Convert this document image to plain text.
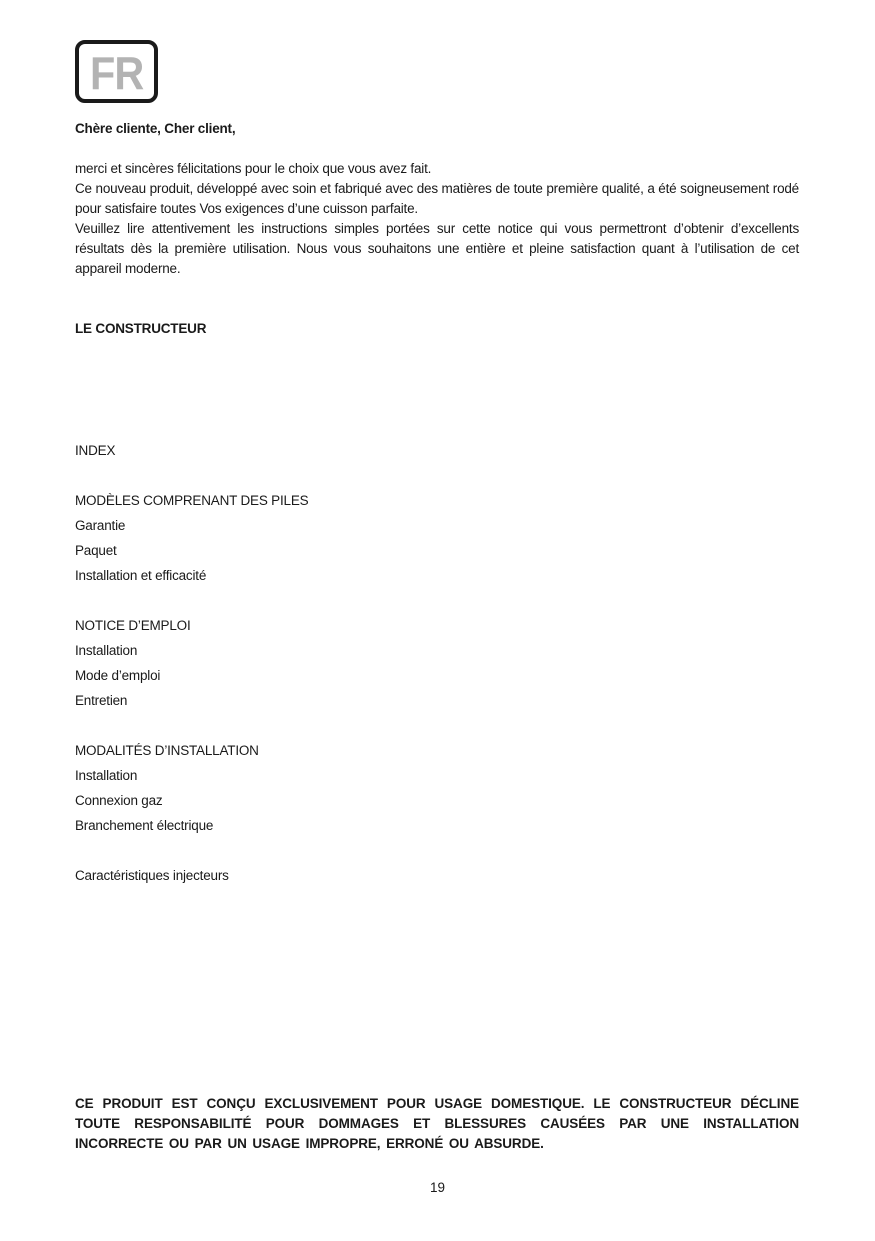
FR
Chère cliente, Cher client,

merci et sincères félicitations pour le choix que vous avez fait.

Ce nouveau produit, développé avec soin et fabriqué avec des matières de toute première qualité, a été soigneusement rodé pour satisfaire toutes Vos exigences d’une cuisson parfaite.

Veuillez lire attentivement les instructions simples portées sur cette notice qui vous permettront d’obtenir d’excellents résultats dès la première utilisation. Nous vous souhaitons une entière et pleine satisfaction quant à l’utilisation de cet appareil moderne.

LE CONSTRUCTEUR

INDEX

MODÈLES COMPRENANT DES PILES

Garantie

Paquet

Installation et efficacité

NOTICE D’EMPLOI

Installation

Mode d’emploi

Entretien

MODALITÉS D’INSTALLATION

Installation

Connexion gaz

Branchement électrique

Caractéristiques injecteurs

CE PRODUIT EST CONÇU EXCLUSIVEMENT POUR USAGE DOMESTIQUE. LE CONSTRUCTEUR DÉCLINE TOUTE RESPONSABILITÉ POUR DOMMAGES ET BLESSURES CAUSÉES PAR UNE INSTALLATION INCORRECTE OU PAR UN USAGE IMPROPRE, ERRONÉ OU ABSURDE.
19
